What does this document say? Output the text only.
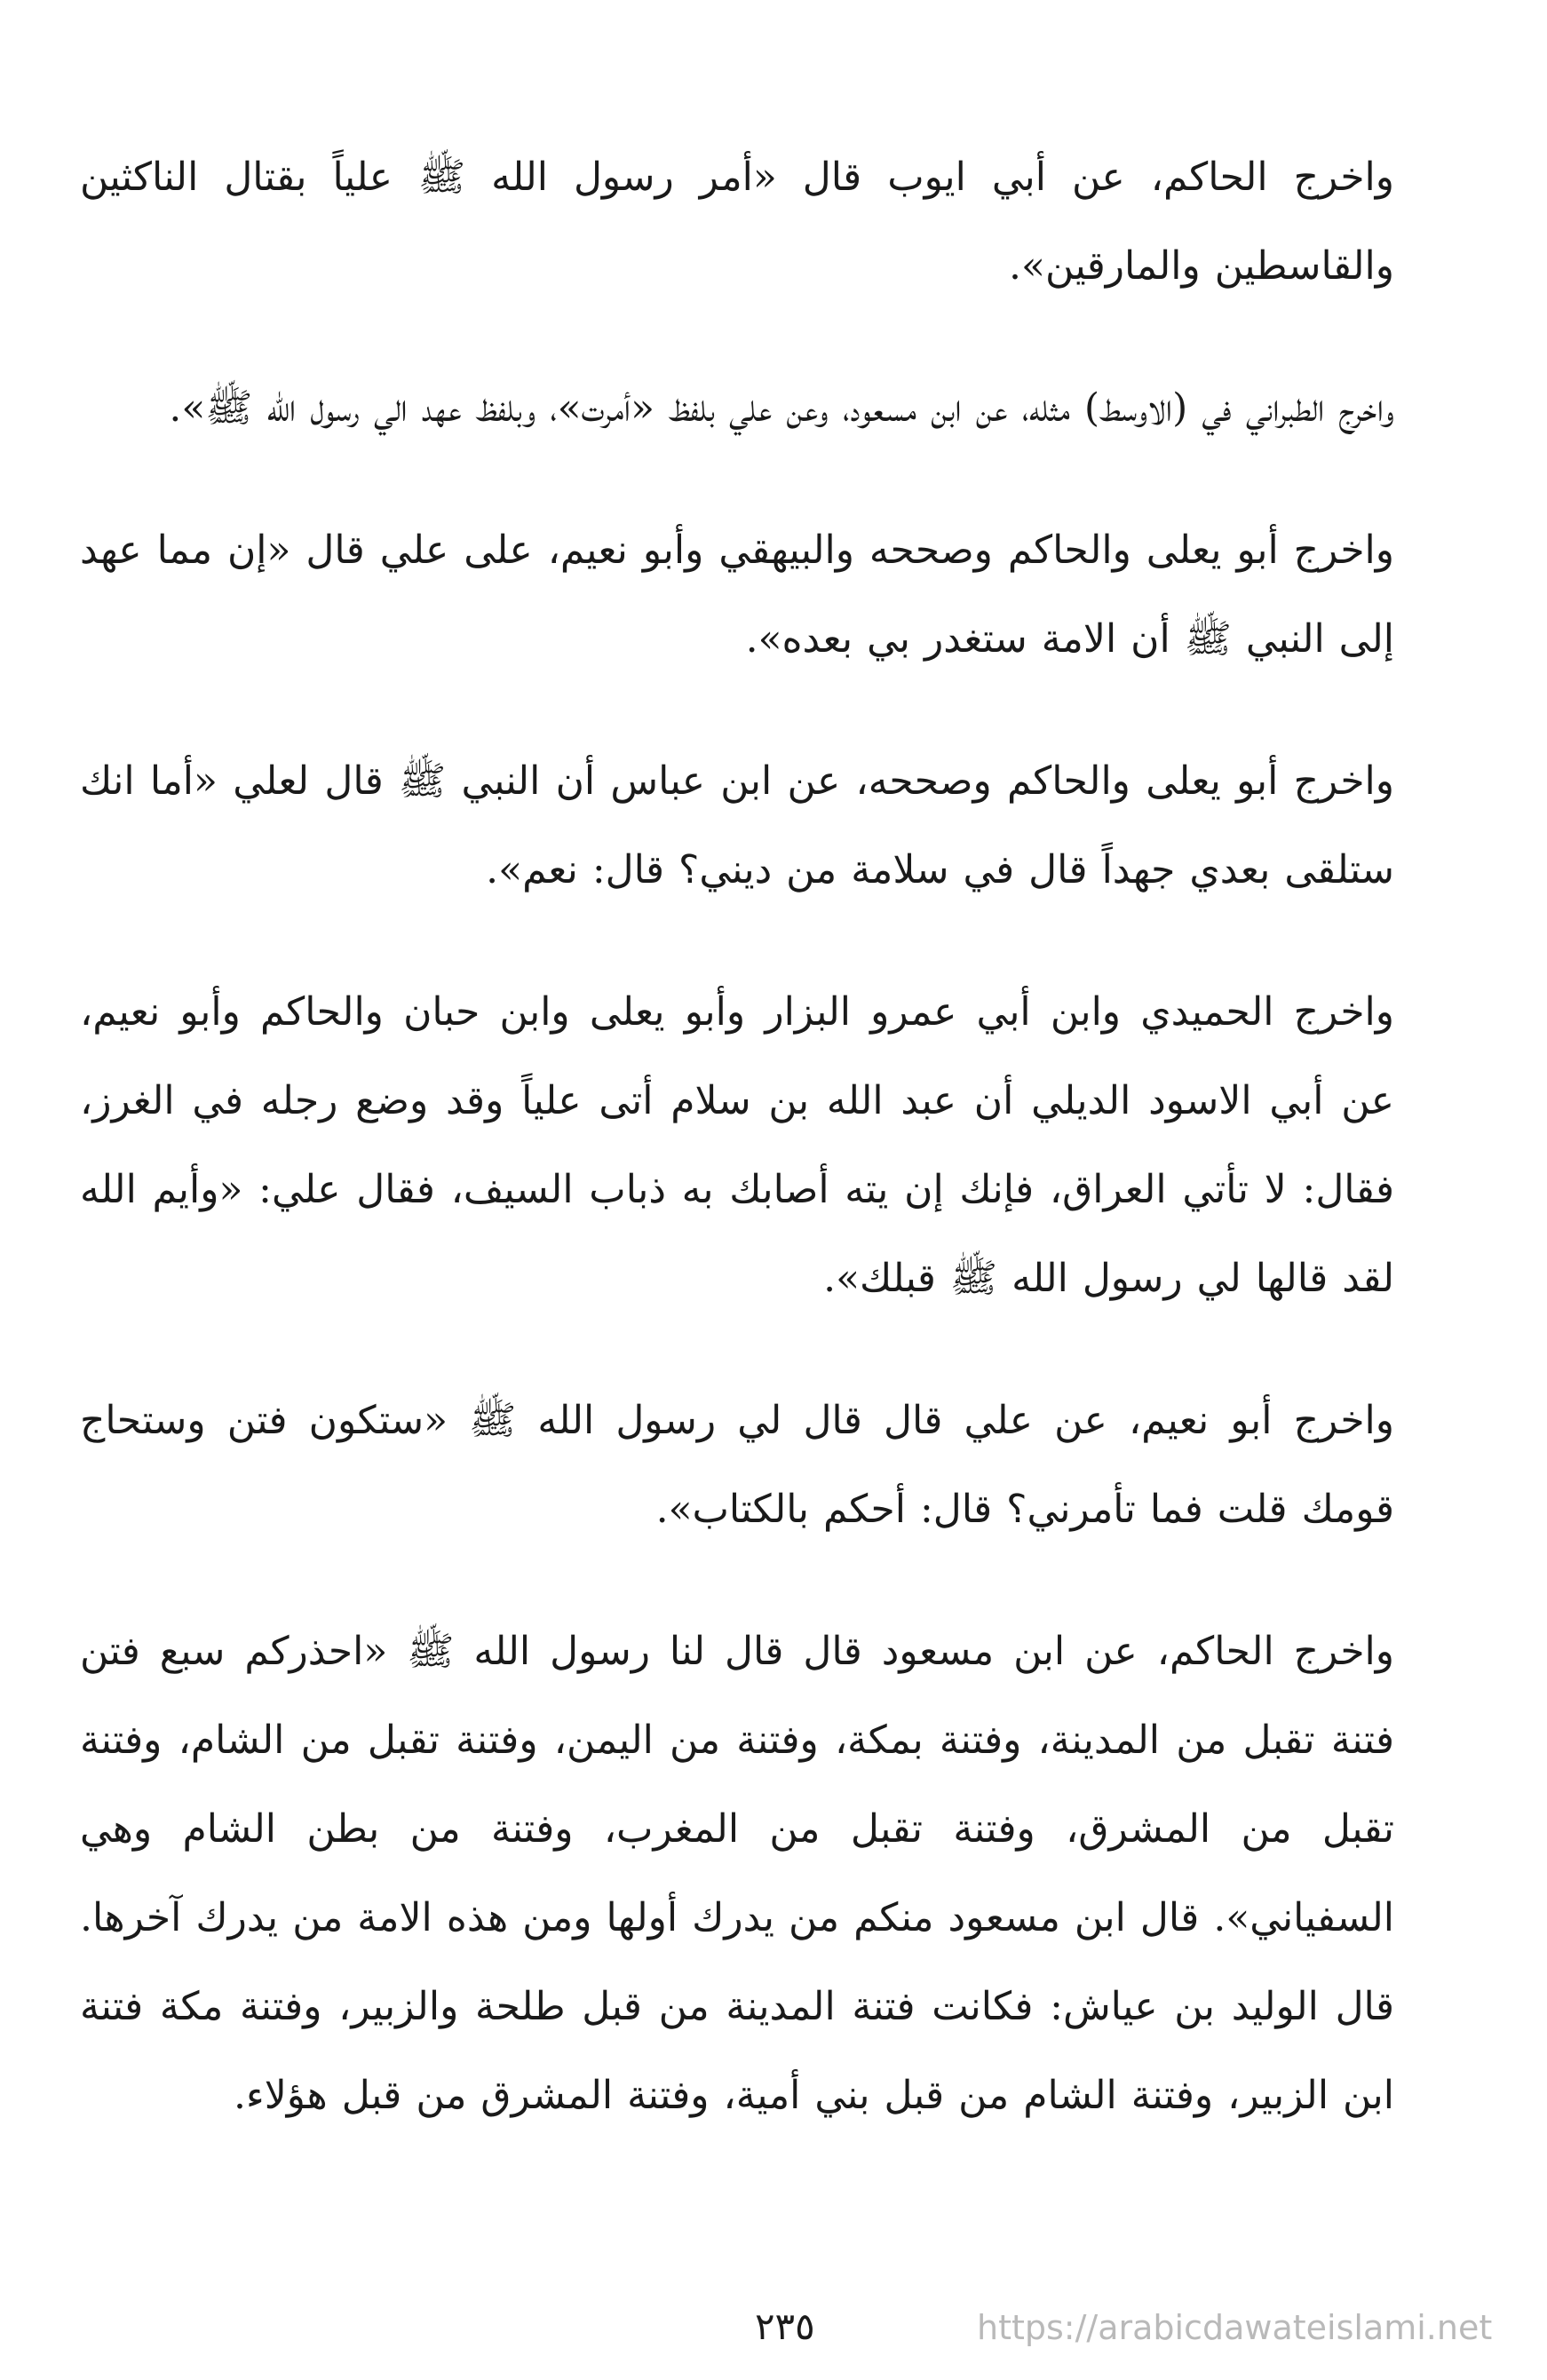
واخرج الحاكم، عن أبي ايوب قال «أمر رسول الله ﷺ علياً بقتال الناكثين والقاسطين والمارقين».

واخرج الطبراني في (الاوسط) مثله، عن ابن مسعود، وعن علي بلفظ «أمرت»، وبلفظ عهد الي رسول الله ﷺ».

واخرج أبو يعلى والحاكم وصححه والبيهقي وأبو نعيم، على علي قال «إن مما عهد إلى النبي ﷺ أن الامة ستغدر بي بعده».

واخرج أبو يعلى والحاكم وصححه، عن ابن عباس أن النبي ﷺ قال لعلي «أما انك ستلقى بعدي جهداً قال في سلامة من ديني؟ قال: نعم».

واخرج الحميدي وابن أبي عمرو البزار وأبو يعلى وابن حبان والحاكم وأبو نعيم، عن أبي الاسود الديلي أن عبد الله بن سلام أتى علياً وقد وضع رجله في الغرز، فقال: لا تأتي العراق، فإنك إن يته أصابك به ذباب السيف، فقال علي: «وأيم الله لقد قالها لي رسول الله ﷺ قبلك».

واخرج أبو نعيم، عن علي قال قال لي رسول الله ﷺ «ستكون فتن وستحاج قومك قلت فما تأمرني؟ قال: أحكم بالكتاب».

واخرج الحاكم، عن ابن مسعود قال قال لنا رسول الله ﷺ «احذركم سبع فتن فتنة تقبل من المدينة، وفتنة بمكة، وفتنة من اليمن، وفتنة تقبل من الشام، وفتنة تقبل من المشرق، وفتنة تقبل من المغرب، وفتنة من بطن الشام وهي السفياني». قال ابن مسعود منكم من يدرك أولها ومن هذه الامة من يدرك آخرها. قال الوليد بن عياش: فكانت فتنة المدينة من قبل طلحة والزبير، وفتنة مكة فتنة ابن الزبير، وفتنة الشام من قبل بني أمية، وفتنة المشرق من قبل هؤلاء.

٢٣٥	https://arabicdawateislami.net
